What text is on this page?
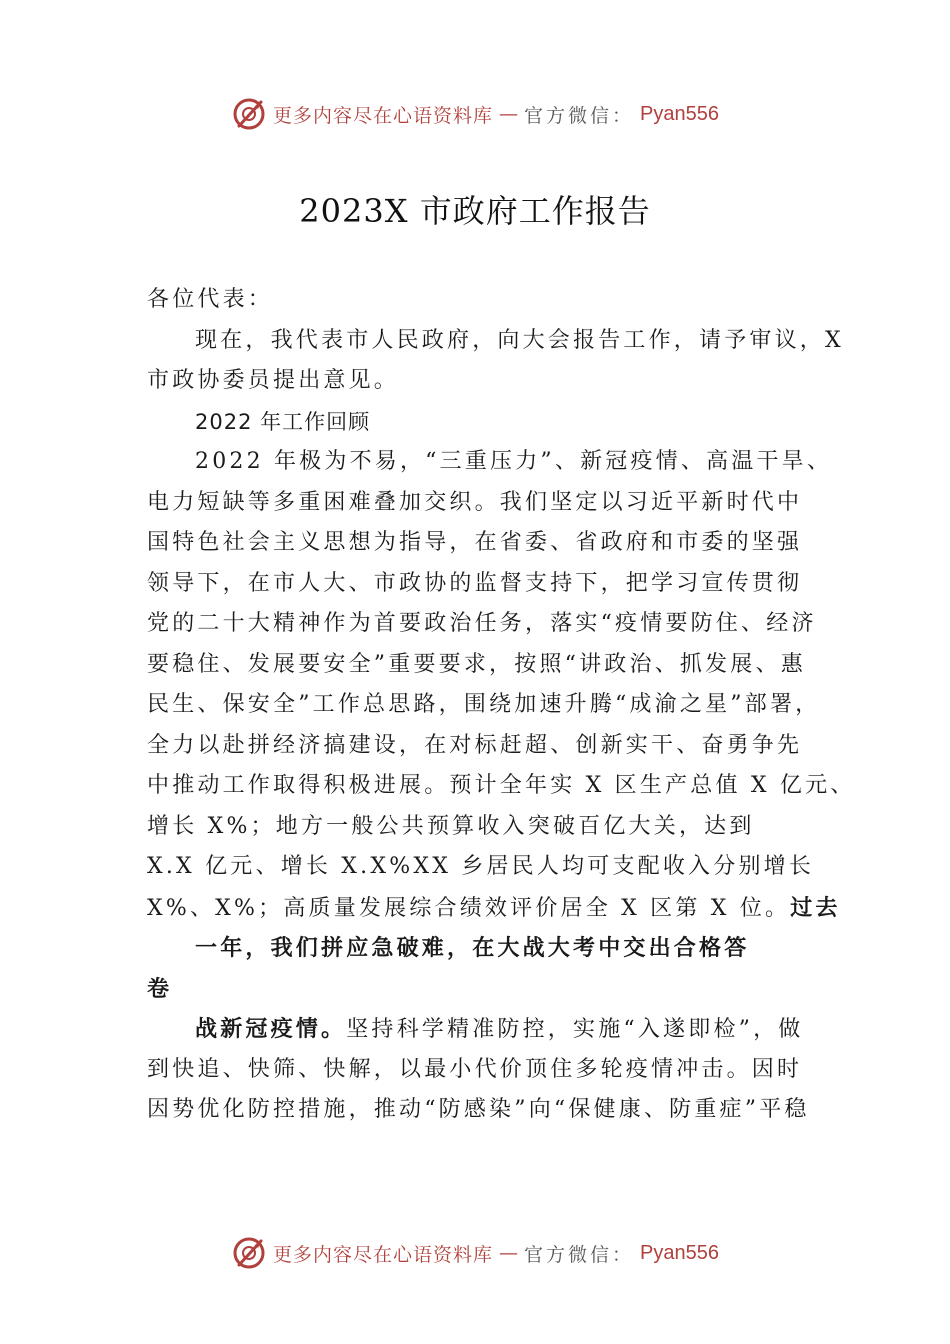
更多内容尽在心语资料库 — 官方微信： Pyan556
2023X 市政府工作报告
各位代表：
现在，我代表市人民政府，向大会报告工作，请予审议，X
市政协委员提出意见。
2022 年工作回顾
2022 年极为不易，“三重压力”、新冠疫情、高温干旱、
电力短缺等多重困难叠加交织。我们坚定以习近平新时代中
国特色社会主义思想为指导，在省委、省政府和市委的坚强
领导下，在市人大、市政协的监督支持下，把学习宣传贯彻
党的二十大精神作为首要政治任务，落实“疫情要防住、经济
要稳住、发展要安全”重要要求，按照“讲政治、抓发展、惠
民生、保安全”工作总思路，围绕加速升腾“成渝之星”部署，
全力以赴拼经济搞建设，在对标赶超、创新实干、奋勇争先
中推动工作取得积极进展。预计全年实 X 区生产总值 X 亿元、
增长 X%；地方一般公共预算收入突破百亿大关，达到
X.X 亿元、增长 X.X%XX 乡居民人均可支配收入分别增长
X%、X%；高质量发展综合绩效评价居全 X 区第 X 位。过去
一年，我们拼应急破难，在大战大考中交出合格答
卷
战新冠疫情。坚持科学精准防控，实施“入遂即检”，做
到快追、快筛、快解，以最小代价顶住多轮疫情冲击。因时
因势优化防控措施，推动“防感染”向“保健康、防重症”平稳
更多内容尽在心语资料库 — 官方微信： Pyan556
